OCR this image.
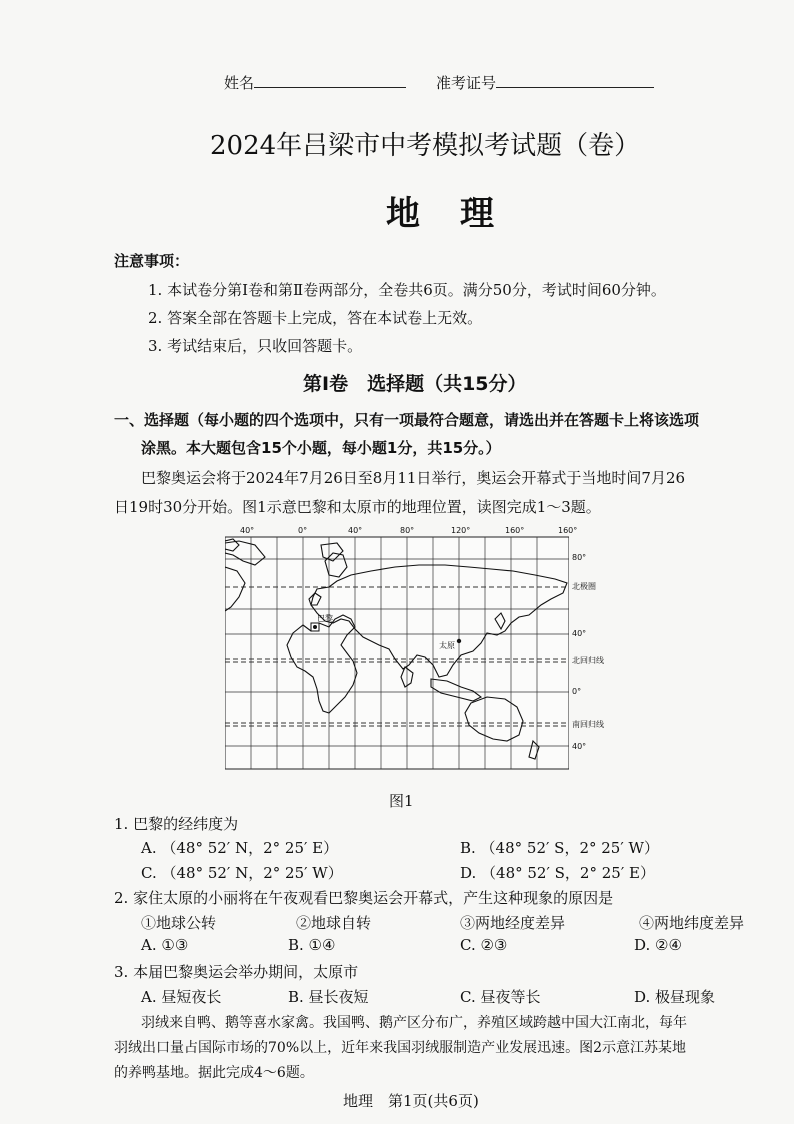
姓名	准考证号
2024年吕梁市中考模拟考试题（卷）
地理
注意事项：
1. 本试卷分第Ⅰ卷和第Ⅱ卷两部分，全卷共6页。满分50分，考试时间60分钟。
2. 答案全部在答题卡上完成，答在本试卷上无效。
3. 考试结束后，只收回答题卡。
第Ⅰ卷　选择题（共15分）
一、选择题（每小题的四个选项中，只有一项最符合题意，请选出并在答题卡上将该选项
涂黑。本大题包含15个小题，每小题1分，共15分。）
巴黎奥运会将于2024年7月26日至8月11日举行，奥运会开幕式于当地时间7月26
日19时30分开始。图1示意巴黎和太原市的地理位置，读图完成1～3题。
40°	0°	40°	80°	120°	160°	160°
巴黎
太原
80°
北极圈
40°
北回归线
0°
南回归线
40°
图1
1. 巴黎的经纬度为
A. （48° 52′ N，2° 25′ E）	B. （48° 52′ S，2° 25′ W）
C. （48° 52′ N，2° 25′ W）	D. （48° 52′ S，2° 25′ E）
2. 家住太原的小丽将在午夜观看巴黎奥运会开幕式，产生这种现象的原因是
①地球公转	②地球自转	③两地经度差异	④两地纬度差异
A. ①③	B. ①④	C. ②③	D. ②④
3. 本届巴黎奥运会举办期间，太原市
A. 昼短夜长	B. 昼长夜短	C. 昼夜等长	D. 极昼现象
羽绒来自鸭、鹅等喜水家禽。我国鸭、鹅产区分布广，养殖区域跨越中国大江南北，每年
羽绒出口量占国际市场的70%以上，近年来我国羽绒服制造产业发展迅速。图2示意江苏某地
的养鸭基地。据此完成4～6题。
地理　第1页(共6页)
